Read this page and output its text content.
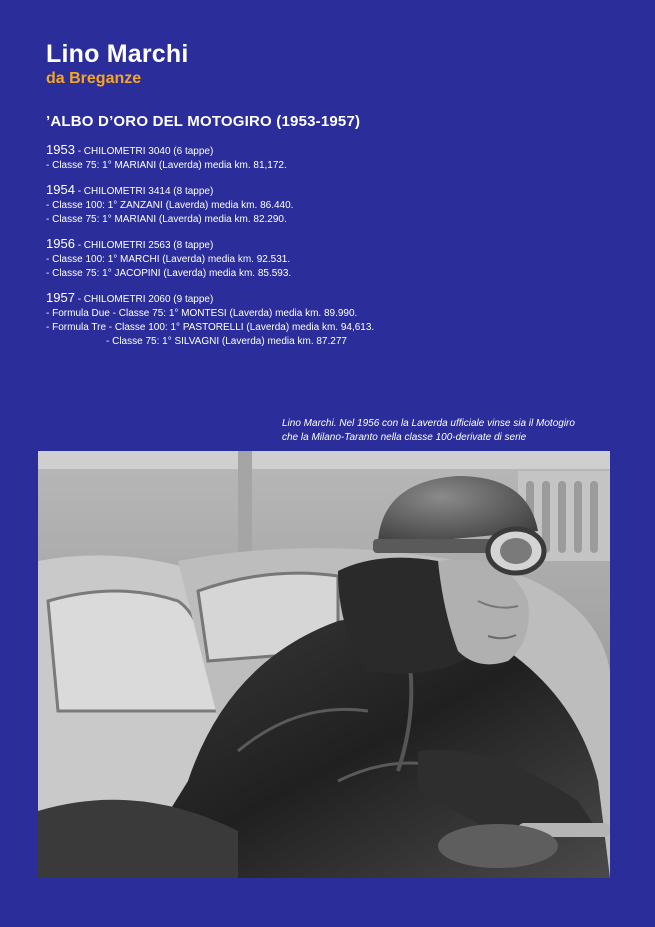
Lino Marchi
da Breganze
’ALBO D’ORO DEL MOTOGIRO (1953-1957)
1953 - CHILOMETRI 3040 (6 tappe)
- Classe 75: 1° MARIANI (Laverda) media km. 81,172.
1954 - CHILOMETRI 3414 (8 tappe)
- Classe 100: 1° ZANZANI (Laverda) media km. 86.440.
- Classe 75: 1° MARIANI (Laverda) media km. 82.290.
1956 - CHILOMETRI 2563 (8 tappe)
- Classe 100: 1° MARCHI (Laverda) media km. 92.531.
- Classe 75: 1° JACOPINI (Laverda) media km. 85.593.
1957 - CHILOMETRI 2060 (9 tappe)
- Formula Due - Classe 75: 1° MONTESI (Laverda) media km. 89.990.
- Formula Tre - Classe 100: 1° PASTORELLI (Laverda) media km. 94,613.
- Classe 75: 1° SILVAGNI (Laverda) media km. 87.277
Lino Marchi. Nel 1956 con la Laverda ufficiale vinse sia il Motogiro
che la Milano-Taranto nella classe 100-derivate di serie
